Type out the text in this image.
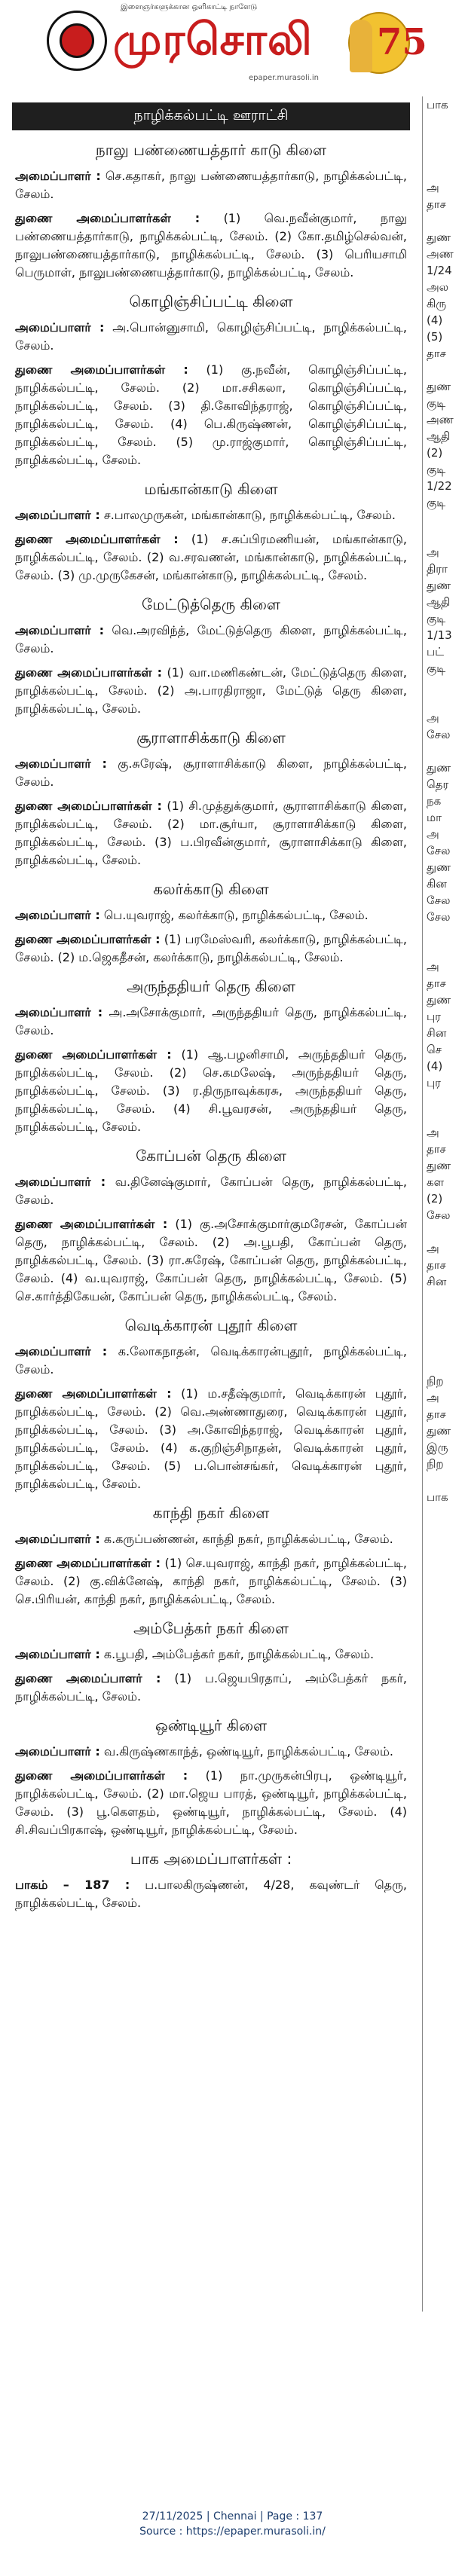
இளைஞர்களுக்கான ஒளிகாட்டி நாளேடு
முரசொலி
epaper.murasoli.in
75
பாக

அ
தாச

துண
அண
1/24
அல
கிரு
(4)
(5)
தாச

துண
குடி
அண
ஆதி
(2)
குடி
1/22
குடி

அ
திரா
துண
ஆதி
குடி
1/13
பட்
குடி

அ
சேல

துண
தெர
நக
மா
அ
சேல
துண
கின
சேல
சேல

அ
தாச
துண
புர
சின
செ
(4)
புர

அ
தாச
துண
கள
(2)
சேல

அ
தாச
சின

நிற
அ
தாச
துண
இரு
நிற

பாக
நாழிக்கல்பட்டி ஊராட்சி
நாலு பண்ணையத்தார் காடு கிளை

அமைப்பாளர் : செ.கதாகர், நாலு பண்ணையத்தார்காடு, நாழிக்கல்பட்டி, சேலம்.

துணை அமைப்பாளர்கள் : (1) வெ.நவீன்குமார், நாலு பண்ணையத்தார்காடு, நாழிக்கல்பட்டி, சேலம். (2) கோ.தமிழ்செல்வன், நாலுபண்ணையத்தார்காடு, நாழிக்கல்பட்டி, சேலம். (3) பெரியசாமி பெருமாள், நாலுபண்ணையத்தார்காடு, நாழிக்கல்பட்டி, சேலம்.

கொழிஞ்சிப்பட்டி கிளை

அமைப்பாளர் : அ.பொன்னுசாமி, கொழிஞ்சிப்பட்டி, நாழிக்கல்பட்டி, சேலம்.

துணை அமைப்பாளர்கள் : (1) கு.நவீன், கொழிஞ்சிப்பட்டி, நாழிக்கல்பட்டி, சேலம். (2) மா.சசிகலா, கொழிஞ்சிப்பட்டி, நாழிக்கல்பட்டி, சேலம். (3) தி.கோவிந்தராஜ், கொழிஞ்சிப்பட்டி, நாழிக்கல்பட்டி, சேலம். (4) பெ.கிருஷ்ணன், கொழிஞ்சிப்பட்டி, நாழிக்கல்பட்டி, சேலம். (5) மு.ராஜ்குமார், கொழிஞ்சிப்பட்டி, நாழிக்கல்பட்டி, சேலம்.

மங்கான்காடு கிளை

அமைப்பாளர் : ச.பாலமுருகன், மங்கான்காடு, நாழிக்கல்பட்டி, சேலம்.

துணை அமைப்பாளர்கள் : (1) ச.சுப்பிரமணியன், மங்கான்காடு, நாழிக்கல்பட்டி, சேலம். (2) வ.சரவணன், மங்கான்காடு, நாழிக்கல்பட்டி, சேலம். (3) மு.முருகேசன், மங்கான்காடு, நாழிக்கல்பட்டி, சேலம்.

மேட்டுத்தெரு கிளை

அமைப்பாளர் : வெ.அரவிந்த், மேட்டுத்தெரு கிளை, நாழிக்கல்பட்டி, சேலம்.

துணை அமைப்பாளர்கள் : (1) வா.மணிகண்டன், மேட்டுத்தெரு கிளை, நாழிக்கல்பட்டி, சேலம். (2) அ.பாரதிராஜா, மேட்டுத் தெரு கிளை, நாழிக்கல்பட்டி, சேலம்.

சூராளாசிக்காடு கிளை

அமைப்பாளர் : கு.சுரேஷ், சூராளாசிக்காடு கிளை, நாழிக்கல்பட்டி, சேலம்.

துணை அமைப்பாளர்கள் : (1) சி.முத்துக்குமார், சூராளாசிக்காடு கிளை, நாழிக்கல்பட்டி, சேலம். (2) மா.சூர்யா, சூராளாசிக்காடு கிளை, நாழிக்கல்பட்டி, சேலம். (3) ப.பிரவீன்குமார், சூராளாசிக்காடு கிளை, நாழிக்கல்பட்டி, சேலம்.

கலர்க்காடு கிளை

அமைப்பாளர் : பெ.யுவராஜ், கலர்க்காடு, நாழிக்கல்பட்டி, சேலம்.

துணை அமைப்பாளர்கள் : (1) பரமேஸ்வரி, கலர்க்காடு, நாழிக்கல்பட்டி, சேலம். (2) ம.ஜெகதீசன், கலர்க்காடு, நாழிக்கல்பட்டி, சேலம்.

அருந்ததியர் தெரு கிளை

அமைப்பாளர் : அ.அசோக்குமார், அருந்ததியர் தெரு, நாழிக்கல்பட்டி, சேலம்.

துணை அமைப்பாளர்கள் : (1) ஆ.பழனிசாமி, அருந்ததியர் தெரு, நாழிக்கல்பட்டி, சேலம். (2) செ.கமலேஷ், அருந்ததியர் தெரு, நாழிக்கல்பட்டி, சேலம். (3) ர.திருநாவுக்கரசு, அருந்ததியர் தெரு, நாழிக்கல்பட்டி, சேலம். (4) சி.பூவரசன், அருந்ததியர் தெரு, நாழிக்கல்பட்டி, சேலம்.

கோப்பன் தெரு கிளை

அமைப்பாளர் : வ.தினேஷ்குமார், கோப்பன் தெரு, நாழிக்கல்பட்டி, சேலம்.

துணை அமைப்பாளர்கள் : (1) கு.அசோக்குமார்குமரேசன், கோப்பன் தெரு, நாழிக்கல்பட்டி, சேலம். (2) அ.பூபதி, கோப்பன் தெரு, நாழிக்கல்பட்டி, சேலம். (3) ரா.சுரேஷ், கோப்பன் தெரு, நாழிக்கல்பட்டி, சேலம். (4) வ.யுவராஜ், கோப்பன் தெரு, நாழிக்கல்பட்டி, சேலம். (5) செ.கார்த்திகேயன், கோப்பன் தெரு, நாழிக்கல்பட்டி, சேலம்.

வெடிக்காரன் புதூர் கிளை

அமைப்பாளர் : க.லோகநாதன், வெடிக்காரன்புதூர், நாழிக்கல்பட்டி, சேலம்.

துணை அமைப்பாளர்கள் : (1) ம.சதீஷ்குமார், வெடிக்காரன் புதூர், நாழிக்கல்பட்டி, சேலம். (2) வெ.அண்ணாதுரை, வெடிக்காரன் புதூர், நாழிக்கல்பட்டி, சேலம். (3) அ.கோவிந்தராஜ், வெடிக்காரன் புதூர், நாழிக்கல்பட்டி, சேலம். (4) க.குறிஞ்சிநாதன், வெடிக்காரன் புதூர், நாழிக்கல்பட்டி, சேலம். (5) ப.பொன்சங்கர், வெடிக்காரன் புதூர், நாழிக்கல்பட்டி, சேலம்.

காந்தி நகர் கிளை

அமைப்பாளர் : க.கருப்பண்ணன், காந்தி நகர், நாழிக்கல்பட்டி, சேலம்.

துணை அமைப்பாளர்கள் : (1) செ.யுவராஜ், காந்தி நகர், நாழிக்கல்பட்டி, சேலம். (2) கு.விக்னேஷ், காந்தி நகர், நாழிக்கல்பட்டி, சேலம். (3) செ.பிரியன், காந்தி நகர், நாழிக்கல்பட்டி, சேலம்.

அம்பேத்கர் நகர் கிளை

அமைப்பாளர் : க.பூபதி, அம்பேத்கர் நகர், நாழிக்கல்பட்டி, சேலம்.

துணை அமைப்பாளர் : (1) ப.ஜெயபிரதாப், அம்பேத்கர் நகர், நாழிக்கல்பட்டி, சேலம்.

ஒண்டியூர் கிளை

அமைப்பாளர் : வ.கிருஷ்ணகாந்த், ஒண்டியூர், நாழிக்கல்பட்டி, சேலம்.

துணை அமைப்பாளர்கள் : (1) நா.முருகன்பிரபு, ஒண்டியூர், நாழிக்கல்பட்டி, சேலம். (2) மா.ஜெய பாரத், ஒண்டியூர், நாழிக்கல்பட்டி, சேலம். (3) பூ.கௌதம், ஒண்டியூர், நாழிக்கல்பட்டி, சேலம். (4) சி.சிவப்பிரகாஷ், ஒண்டியூர், நாழிக்கல்பட்டி, சேலம்.

பாக அமைப்பாளர்கள் :

பாகம் – 187 : ப.பாலகிருஷ்ணன், 4/28, கவுண்டர் தெரு, நாழிக்கல்பட்டி, சேலம்.

27/11/2025 | Chennai | Page : 137
Source : https://epaper.murasoli.in/
